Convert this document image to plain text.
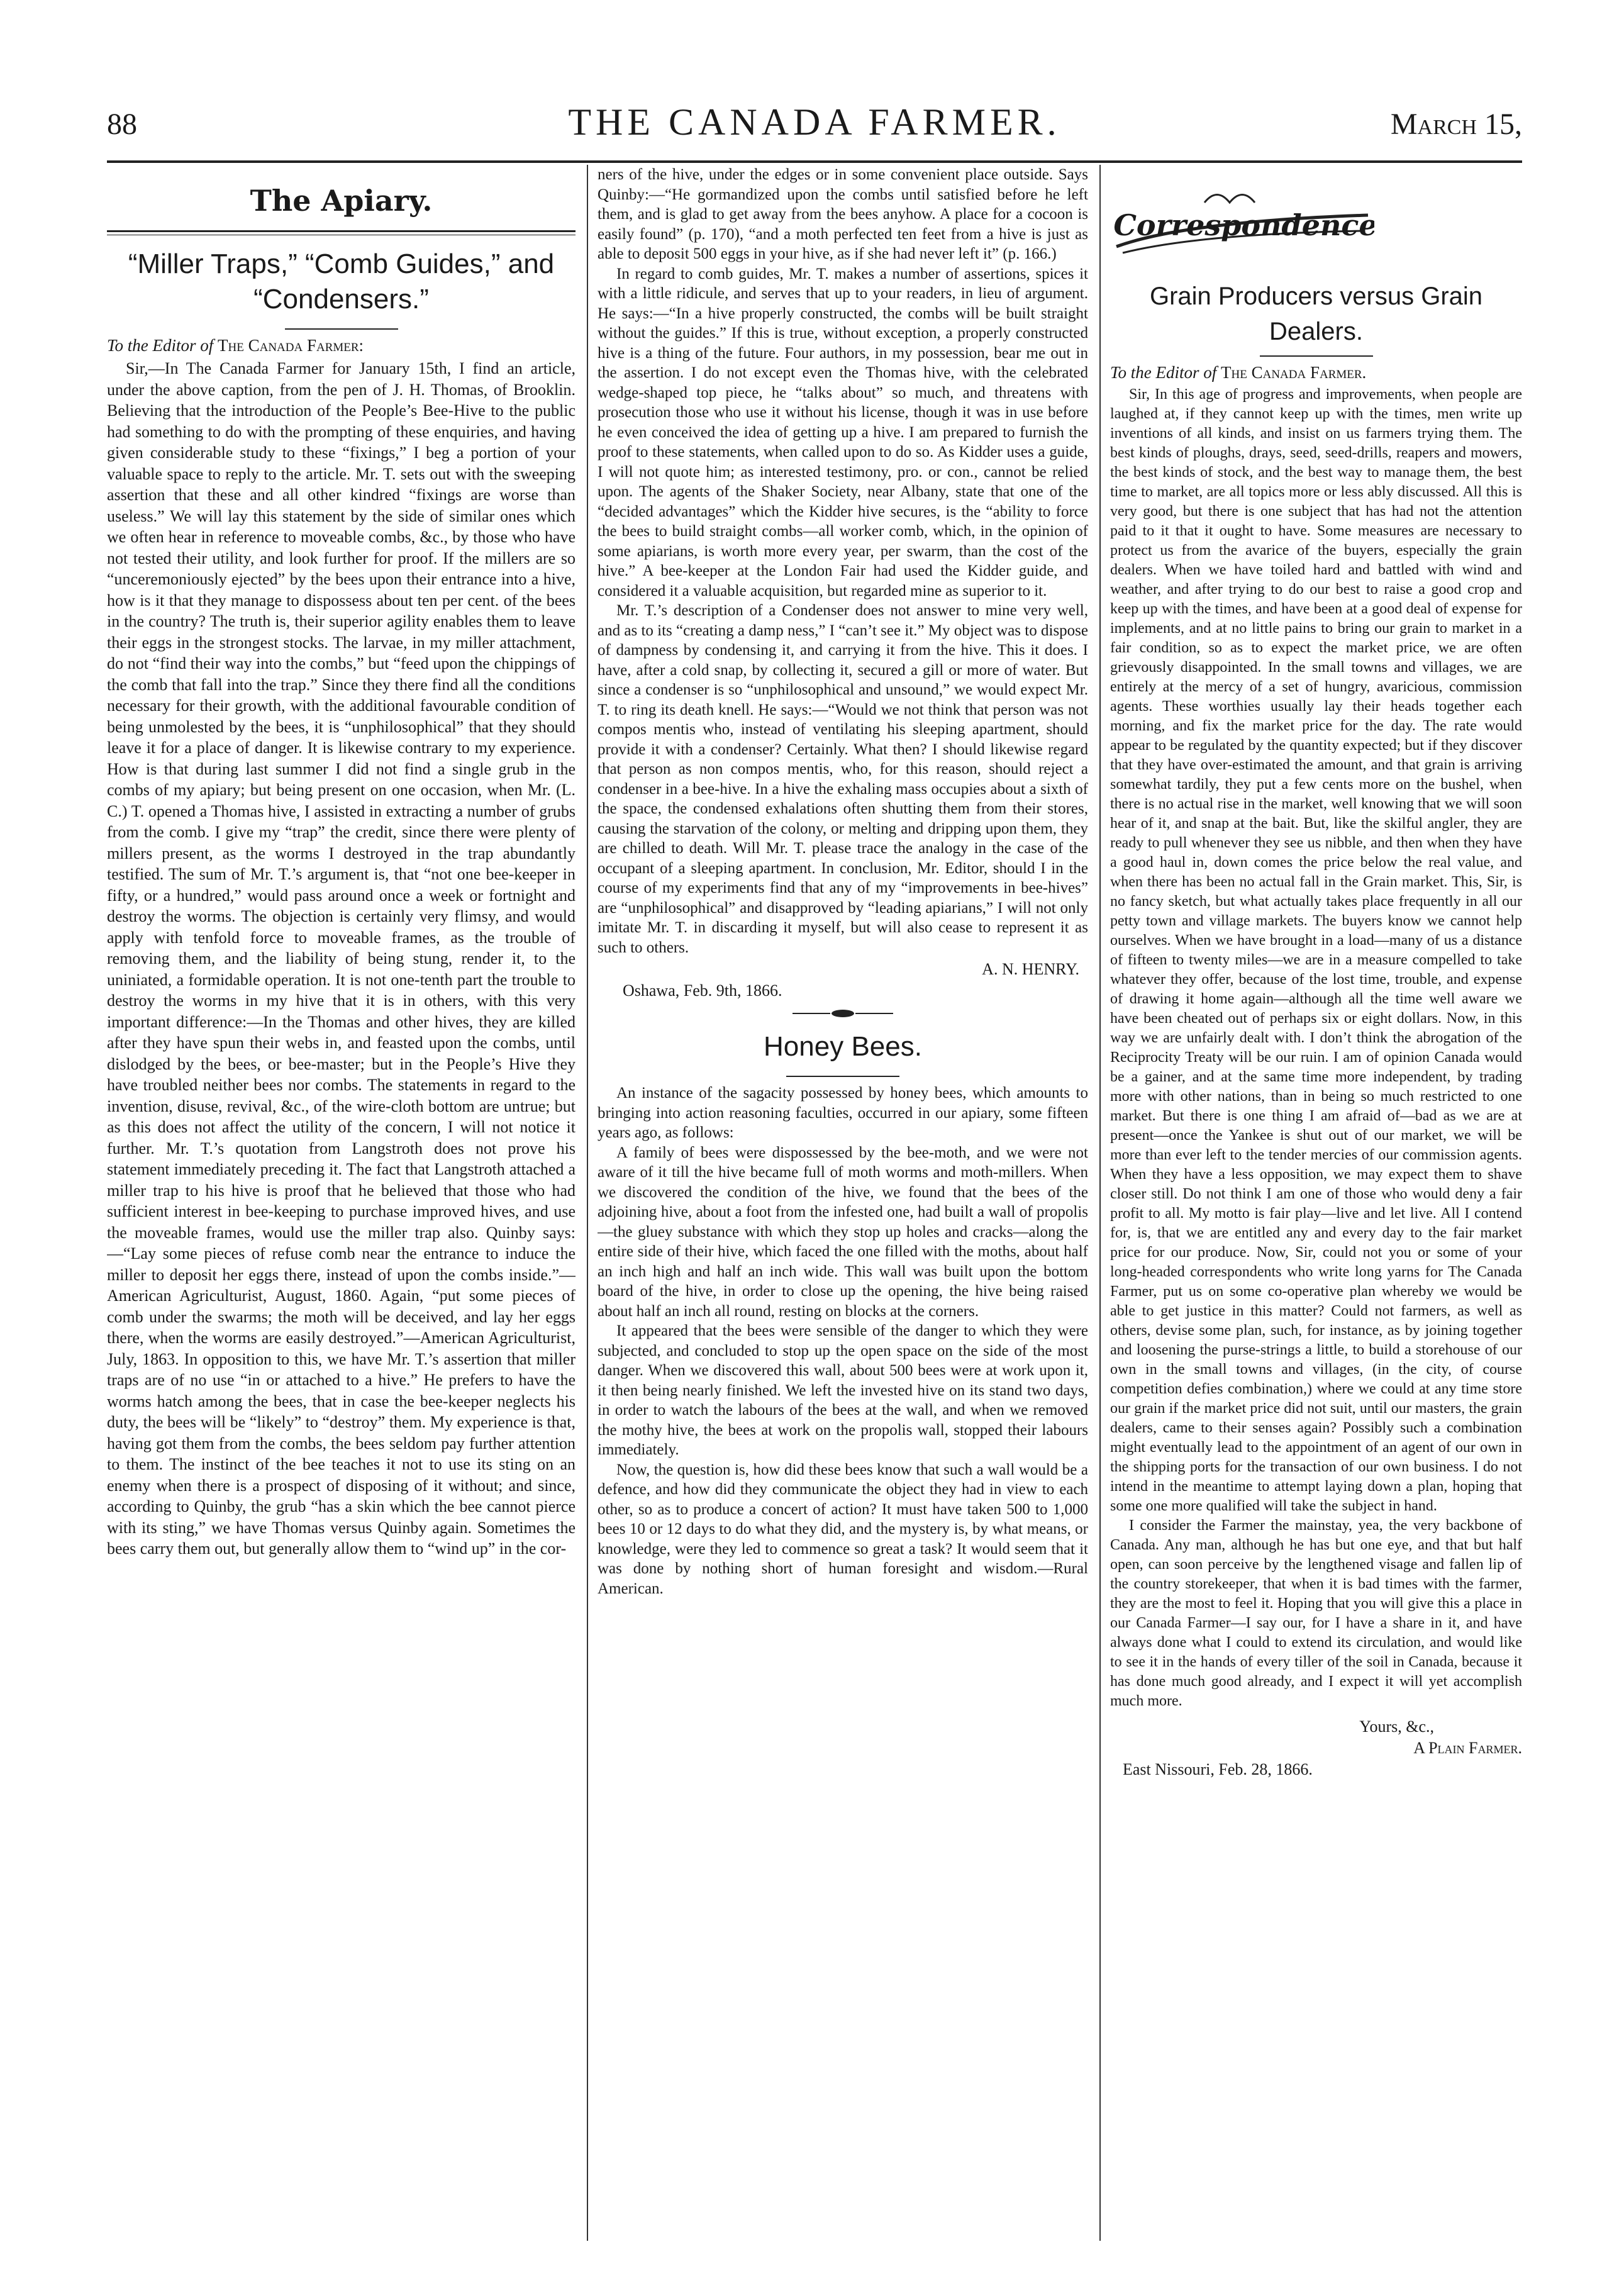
88	THE CANADA FARMER.	March 15,
The Apiary.
“Miller Traps,” “Comb Guides,” and “Condensers.”
To the Editor of The Canada Farmer:

Sir,—In The Canada Farmer for January 15th, I find an article, under the above caption, from the pen of J. H. Thomas, of Brooklin. Believing that the introduction of the People’s Bee-Hive to the public had something to do with the prompting of these enquiries, and having given considerable study to these “fixings,” I beg a portion of your valuable space to reply to the article. Mr. T. sets out with the sweeping assertion that these and all other kindred “fixings are worse than useless.” We will lay this statement by the side of similar ones which we often hear in reference to moveable combs, &c., by those who have not tested their utility, and look further for proof. If the millers are so “unceremoniously ejected” by the bees upon their entrance into a hive, how is it that they manage to dispossess about ten per cent. of the bees in the country? The truth is, their superior agility enables them to leave their eggs in the strongest stocks. The larvae, in my miller attachment, do not “find their way into the combs,” but “feed upon the chippings of the comb that fall into the trap.” Since they there find all the conditions necessary for their growth, with the additional favourable condition of being unmolested by the bees, it is “unphilosophical” that they should leave it for a place of danger. It is likewise contrary to my experience. How is that during last summer I did not find a single grub in the combs of my apiary; but being present on one occasion, when Mr. (L. C.) T. opened a Thomas hive, I assisted in extracting a number of grubs from the comb. I give my “trap” the credit, since there were plenty of millers present, as the worms I destroyed in the trap abundantly testified. The sum of Mr. T.’s argument is, that “not one bee-keeper in fifty, or a hundred,” would pass around once a week or fortnight and destroy the worms. The objection is certainly very flimsy, and would apply with tenfold force to moveable frames, as the trouble of removing them, and the liability of being stung, render it, to the uniniated, a formidable operation. It is not one-tenth part the trouble to destroy the worms in my hive that it is in others, with this very important difference:—In the Thomas and other hives, they are killed after they have spun their webs in, and feasted upon the combs, until dislodged by the bees, or bee-master; but in the People’s Hive they have troubled neither bees nor combs. The statements in regard to the invention, disuse, revival, &c., of the wire-cloth bottom are untrue; but as this does not affect the utility of the concern, I will not notice it further. Mr. T.’s quotation from Langstroth does not prove his statement immediately preceding it. The fact that Langstroth attached a miller trap to his hive is proof that he believed that those who had sufficient interest in bee-keeping to purchase improved hives, and use the moveable frames, would use the miller trap also. Quinby says:—“Lay some pieces of refuse comb near the entrance to induce the miller to deposit her eggs there, instead of upon the combs inside.”—American Agriculturist, August, 1860. Again, “put some pieces of comb under the swarms; the moth will be deceived, and lay her eggs there, when the worms are easily destroyed.”—American Agriculturist, July, 1863. In opposition to this, we have Mr. T.’s assertion that miller traps are of no use “in or attached to a hive.” He prefers to have the worms hatch among the bees, that in case the bee-keeper neglects his duty, the bees will be “likely” to “destroy” them. My experience is that, having got them from the combs, the bees seldom pay further attention to them. The instinct of the bee teaches it not to use its sting on an enemy when there is a prospect of disposing of it without; and since, according to Quinby, the grub “has a skin which the bee cannot pierce with its sting,” we have Thomas versus Quinby again. Sometimes the bees carry them out, but generally allow them to “wind up” in the cor-

ners of the hive, under the edges or in some convenient place outside. Says Quinby:—“He gormandized upon the combs until satisfied before he left them, and is glad to get away from the bees anyhow. A place for a cocoon is easily found” (p. 170), “and a moth perfected ten feet from a hive is just as able to deposit 500 eggs in your hive, as if she had never left it” (p. 166.)

In regard to comb guides, Mr. T. makes a number of assertions, spices it with a little ridicule, and serves that up to your readers, in lieu of argument. He says:—“In a hive properly constructed, the combs will be built straight without the guides.” If this is true, without exception, a properly constructed hive is a thing of the future. Four authors, in my possession, bear me out in the assertion. I do not except even the Thomas hive, with the celebrated wedge-shaped top piece, he “talks about” so much, and threatens with prosecution those who use it without his license, though it was in use before he even conceived the idea of getting up a hive. I am prepared to furnish the proof to these statements, when called upon to do so. As Kidder uses a guide, I will not quote him; as interested testimony, pro. or con., cannot be relied upon. The agents of the Shaker Society, near Albany, state that one of the “decided advantages” which the Kidder hive secures, is the “ability to force the bees to build straight combs—all worker comb, which, in the opinion of some apiarians, is worth more every year, per swarm, than the cost of the hive.” A bee-keeper at the London Fair had used the Kidder guide, and considered it a valuable acquisition, but regarded mine as superior to it.

Mr. T.’s description of a Condenser does not answer to mine very well, and as to its “creating a damp ness,” I “can’t see it.” My object was to dispose of dampness by condensing it, and carrying it from the hive. This it does. I have, after a cold snap, by collecting it, secured a gill or more of water. But since a condenser is so “unphilosophical and unsound,” we would expect Mr. T. to ring its death knell. He says:—“Would we not think that person was not compos mentis who, instead of ventilating his sleeping apartment, should provide it with a condenser? Certainly. What then? I should likewise regard that person as non compos mentis, who, for this reason, should reject a condenser in a bee-hive. In a hive the exhaling mass occupies about a sixth of the space, the condensed exhalations often shutting them from their stores, causing the starvation of the colony, or melting and dripping upon them, they are chilled to death. Will Mr. T. please trace the analogy in the case of the occupant of a sleeping apartment. In conclusion, Mr. Editor, should I in the course of my experiments find that any of my “improvements in bee-hives” are “unphilosophical” and disapproved by “leading apiarians,” I will not only imitate Mr. T. in discarding it myself, but will also cease to represent it as such to others.

A. N. HENRY.
Oshawa, Feb. 9th, 1866.
Honey Bees.

An instance of the sagacity possessed by honey bees, which amounts to bringing into action reasoning faculties, occurred in our apiary, some fifteen years ago, as follows:

A family of bees were dispossessed by the bee-moth, and we were not aware of it till the hive became full of moth worms and moth-millers. When we discovered the condition of the hive, we found that the bees of the adjoining hive, about a foot from the infested one, had built a wall of propolis—the gluey substance with which they stop up holes and cracks—along the entire side of their hive, which faced the one filled with the moths, about half an inch high and half an inch wide. This wall was built upon the bottom board of the hive, in order to close up the opening, the hive being raised about half an inch all round, resting on blocks at the corners.

It appeared that the bees were sensible of the danger to which they were subjected, and concluded to stop up the open space on the side of the most danger. When we discovered this wall, about 500 bees were at work upon it, it then being nearly finished. We left the invested hive on its stand two days, in order to watch the labours of the bees at the wall, and when we removed the mothy hive, the bees at work on the propolis wall, stopped their labours immediately.

Now, the question is, how did these bees know that such a wall would be a defence, and how did they communicate the object they had in view to each other, so as to produce a concert of action? It must have taken 500 to 1,000 bees 10 or 12 days to do what they did, and the mystery is, by what means, or knowledge, were they led to commence so great a task? It would seem that it was done by nothing short of human foresight and wisdom.—Rural American.

Correspondence
Grain Producers versus Grain Dealers.
To the Editor of The Canada Farmer.

Sir, In this age of progress and improvements, when people are laughed at, if they cannot keep up with the times, men write up inventions of all kinds, and insist on us farmers trying them. The best kinds of ploughs, drays, seed, seed-drills, reapers and mowers, the best kinds of stock, and the best way to manage them, the best time to market, are all topics more or less ably discussed. All this is very good, but there is one subject that has had not the attention paid to it that it ought to have. Some measures are necessary to protect us from the avarice of the buyers, especially the grain dealers. When we have toiled hard and battled with wind and weather, and after trying to do our best to raise a good crop and keep up with the times, and have been at a good deal of expense for implements, and at no little pains to bring our grain to market in a fair condition, so as to expect the market price, we are often grievously disappointed. In the small towns and villages, we are entirely at the mercy of a set of hungry, avaricious, commission agents. These worthies usually lay their heads together each morning, and fix the market price for the day. The rate would appear to be regulated by the quantity expected; but if they discover that they have over-estimated the amount, and that grain is arriving somewhat tardily, they put a few cents more on the bushel, when there is no actual rise in the market, well knowing that we will soon hear of it, and snap at the bait. But, like the skilful angler, they are ready to pull whenever they see us nibble, and then when they have a good haul in, down comes the price below the real value, and when there has been no actual fall in the Grain market. This, Sir, is no fancy sketch, but what actually takes place frequently in all our petty town and village markets. The buyers know we cannot help ourselves. When we have brought in a load—many of us a distance of fifteen to twenty miles—we are in a measure compelled to take whatever they offer, because of the lost time, trouble, and expense of drawing it home again—although all the time well aware we have been cheated out of perhaps six or eight dollars. Now, in this way we are unfairly dealt with. I don’t think the abrogation of the Reciprocity Treaty will be our ruin. I am of opinion Canada would be a gainer, and at the same time more independent, by trading more with other nations, than in being so much restricted to one market. But there is one thing I am afraid of—bad as we are at present—once the Yankee is shut out of our market, we will be more than ever left to the tender mercies of our commission agents. When they have a less opposition, we may expect them to shave closer still. Do not think I am one of those who would deny a fair profit to all. My motto is fair play—live and let live. All I contend for, is, that we are entitled any and every day to the fair market price for our produce. Now, Sir, could not you or some of your long-headed correspondents who write long yarns for The Canada Farmer, put us on some co-operative plan whereby we would be able to get justice in this matter? Could not farmers, as well as others, devise some plan, such, for instance, as by joining together and loosening the purse-strings a little, to build a storehouse of our own in the small towns and villages, (in the city, of course competition defies combination,) where we could at any time store our grain if the market price did not suit, until our masters, the grain dealers, came to their senses again? Possibly such a combination might eventually lead to the appointment of an agent of our own in the shipping ports for the transaction of our own business. I do not intend in the meantime to attempt laying down a plan, hoping that some one more qualified will take the subject in hand.

I consider the Farmer the mainstay, yea, the very backbone of Canada. Any man, although he has but one eye, and that but half open, can soon perceive by the lengthened visage and fallen lip of the country storekeeper, that when it is bad times with the farmer, they are the most to feel it. Hoping that you will give this a place in our Canada Farmer—I say our, for I have a share in it, and have always done what I could to extend its circulation, and would like to see it in the hands of every tiller of the soil in Canada, because it has done much good already, and I expect it will yet accomplish much more.

Yours, &c.,
A Plain Farmer.
East Nissouri, Feb. 28, 1866.
